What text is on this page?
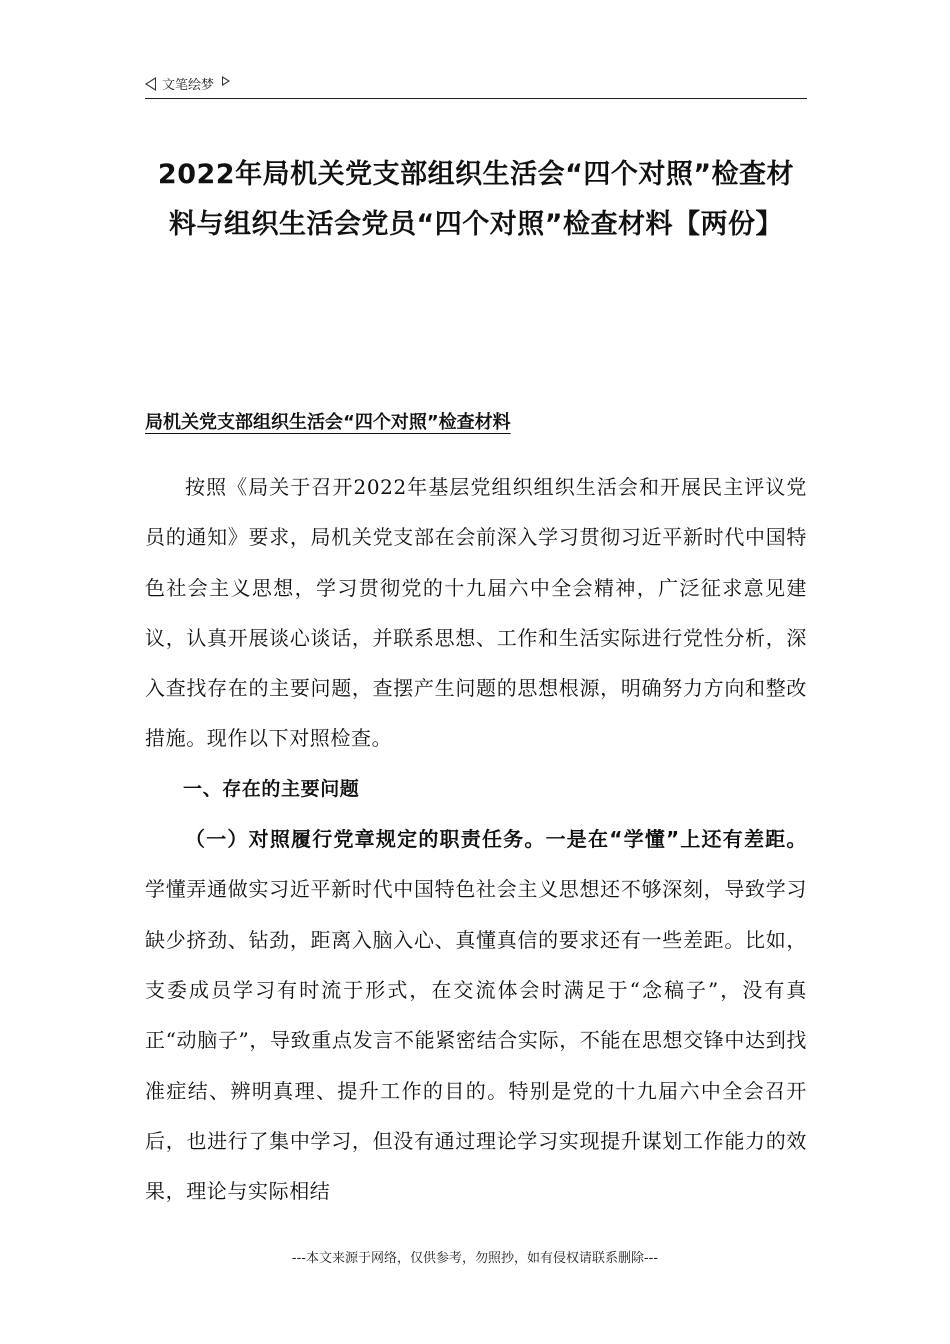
文笔绘梦
2022年局机关党支部组织生活会“四个对照”检查材料与组织生活会党员“四个对照”检查材料【两份】
局机关党支部组织生活会“四个对照”检查材料

按照《局关于召开2022年基层党组织组织生活会和开展民主评议党员的通知》要求，局机关党支部在会前深入学习贯彻习近平新时代中国特色社会主义思想，学习贯彻党的十九届六中全会精神，广泛征求意见建议，认真开展谈心谈话，并联系思想、工作和生活实际进行党性分析，深入查找存在的主要问题，查摆产生问题的思想根源，明确努力方向和整改措施。现作以下对照检查。

一、存在的主要问题

（一）对照履行党章规定的职责任务。一是在“学懂”上还有差距。学懂弄通做实习近平新时代中国特色社会主义思想还不够深刻，导致学习缺少挤劲、钻劲，距离入脑入心、真懂真信的要求还有一些差距。比如，支委成员学习有时流于形式，在交流体会时满足于“念稿子”，没有真正“动脑子”，导致重点发言不能紧密结合实际，不能在思想交锋中达到找准症结、辨明真理、提升工作的目的。特别是党的十九届六中全会召开后，也进行了集中学习，但没有通过理论学习实现提升谋划工作能力的效果，理论与实际相结

---本文来源于网络，仅供参考，勿照抄，如有侵权请联系删除---
